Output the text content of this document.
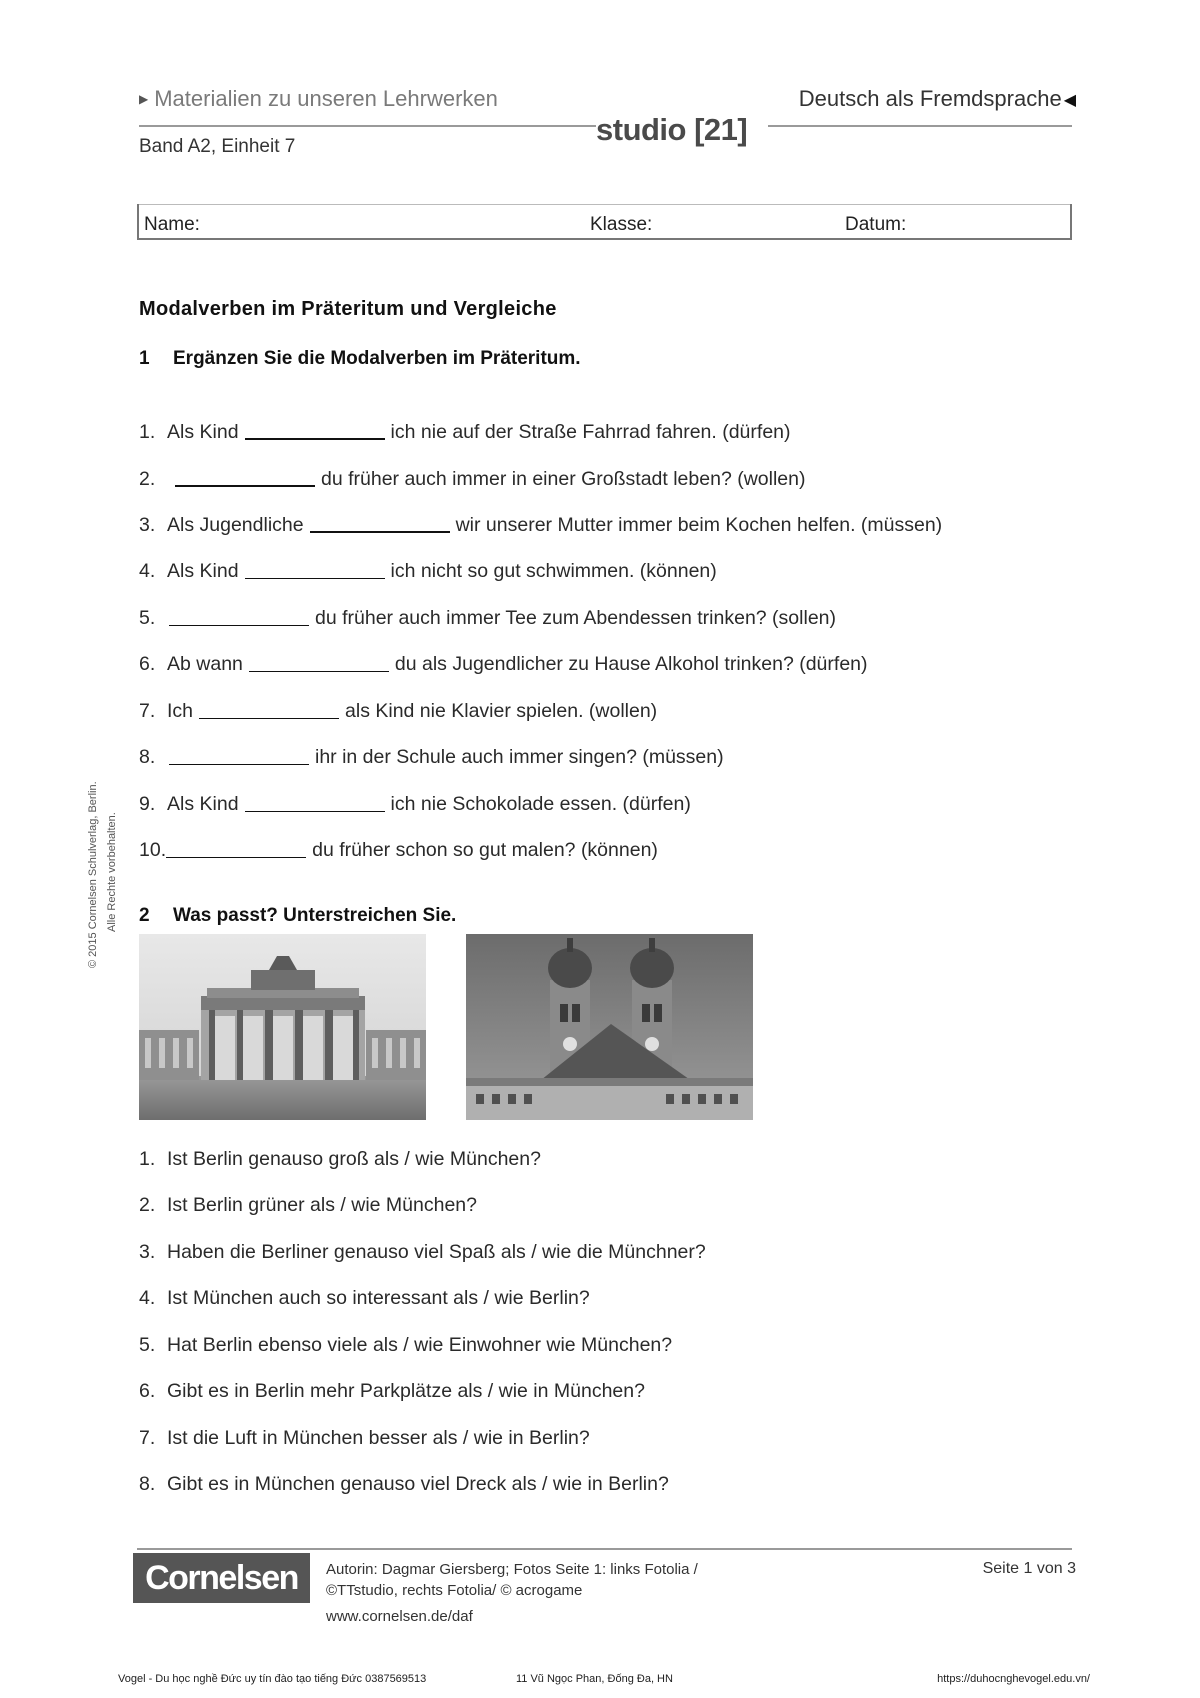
▶ Materialien zu unseren Lehrwerken	Deutsch als Fremdsprache ◀
studio [21]
Band A2, Einheit 7
Name:	Klasse:	Datum:
Modalverben im Präteritum und Vergleiche
1 Ergänzen Sie die Modalverben im Präteritum.
1. Als Kind	ich nie auf der Straße Fahrrad fahren. (dürfen)
2.	du früher auch immer in einer Großstadt leben? (wollen)
3. Als Jugendliche	wir unserer Mutter immer beim Kochen helfen. (müssen)
4. Als Kind	ich nicht so gut schwimmen. (können)
5.	du früher auch immer Tee zum Abendessen trinken? (sollen)
6. Ab wann	du als Jugendlicher zu Hause Alkohol trinken? (dürfen)
7. Ich	als Kind nie Klavier spielen. (wollen)
8.	ihr in der Schule auch immer singen? (müssen)
9. Als Kind	ich nie Schokolade essen. (dürfen)
10.	du früher schon so gut malen? (können)
2 Was passt? Unterstreichen Sie.
1. Ist Berlin genauso groß als / wie München?
2. Ist Berlin grüner als / wie München?
3. Haben die Berliner genauso viel Spaß als / wie die Münchner?
4. Ist München auch so interessant als / wie Berlin?
5. Hat Berlin ebenso viele als / wie Einwohner wie München?
6. Gibt es in Berlin mehr Parkplätze als / wie in München?
7. Ist die Luft in München besser als / wie in Berlin?
8. Gibt es in München genauso viel Dreck als / wie in Berlin?
© 2015 Cornelsen Schulverlag, Berlin. Alle Rechte vorbehalten.
Cornelsen	Autorin: Dagmar Giersberg; Fotos Seite 1: links Fotolia /
©TTstudio, rechts Fotolia/ © acrogame
www.cornelsen.de/daf
Seite 1 von 3
Vogel - Du học nghề Đức uy tín đào tạo tiếng Đức 0387569513	11 Vũ Ngọc Phan, Đống Đa, HN	https://duhocnghevogel.edu.vn/
